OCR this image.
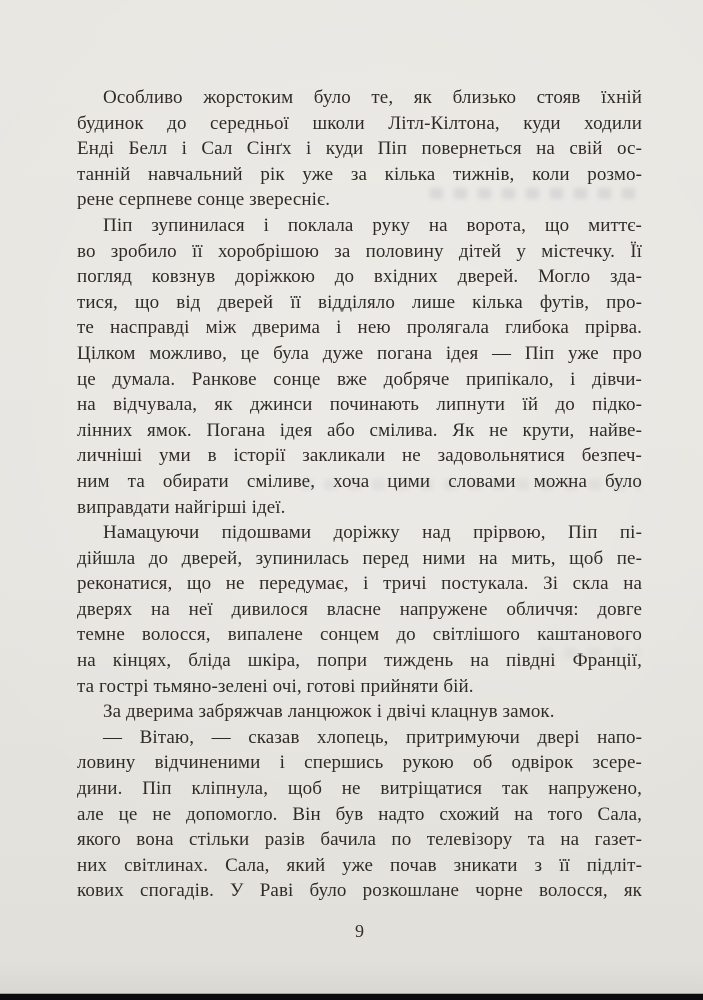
Особливо жорстоким було те, як близько стояв їхній
будинок до середньої школи Літл-Кілтона, куди ходили
Енді Белл і Сал Сінґх і куди Піп повернеться на свій ос-
танній навчальний рік уже за кілька тижнів, коли розмо-
рене серпневе сонце звересніє.
Піп зупинилася і поклала руку на ворота, що миттє-
во зробило її хоробрішою за половину дітей у містечку. Її
погляд ковзнув доріжкою до вхідних дверей. Могло зда-
тися, що від дверей її відділяло лише кілька футів, про-
те насправді між дверима і нею пролягала глибока прірва.
Цілком можливо, це була дуже погана ідея — Піп уже про
це думала. Ранкове сонце вже добряче припікало, і дівчи-
на відчувала, як джинси починають липнути їй до підко-
лінних ямок. Погана ідея або смілива. Як не крути, найве-
личніші уми в історії закликали не задовольнятися безпеч-
ним та обирати сміливе, хоча цими словами можна було
виправдати найгірші ідеї.
Намацуючи підошвами доріжку над прірвою, Піп пі-
дійшла до дверей, зупинилась перед ними на мить, щоб пе-
реконатися, що не передумає, і тричі постукала. Зі скла на
дверях на неї дивилося власне напружене обличчя: довге
темне волосся, випалене сонцем до світлішого каштанового
на кінцях, бліда шкіра, попри тиждень на півдні Франції,
та гострі тьмяно-зелені очі, готові прийняти бій.
За дверима забряжчав ланцюжок і двічі клацнув замок.
— Вітаю, — сказав хлопець, притримуючи двері напо-
ловину відчиненими і спершись рукою об одвірок зсере-
дини. Піп кліпнула, щоб не витріщатися так напружено,
але це не допомогло. Він був надто схожий на того Сала,
якого вона стільки разів бачила по телевізору та на газет-
них світлинах. Сала, який уже почав зникати з її підліт-
кових спогадів. У Раві було розкошлане чорне волосся, як
9
